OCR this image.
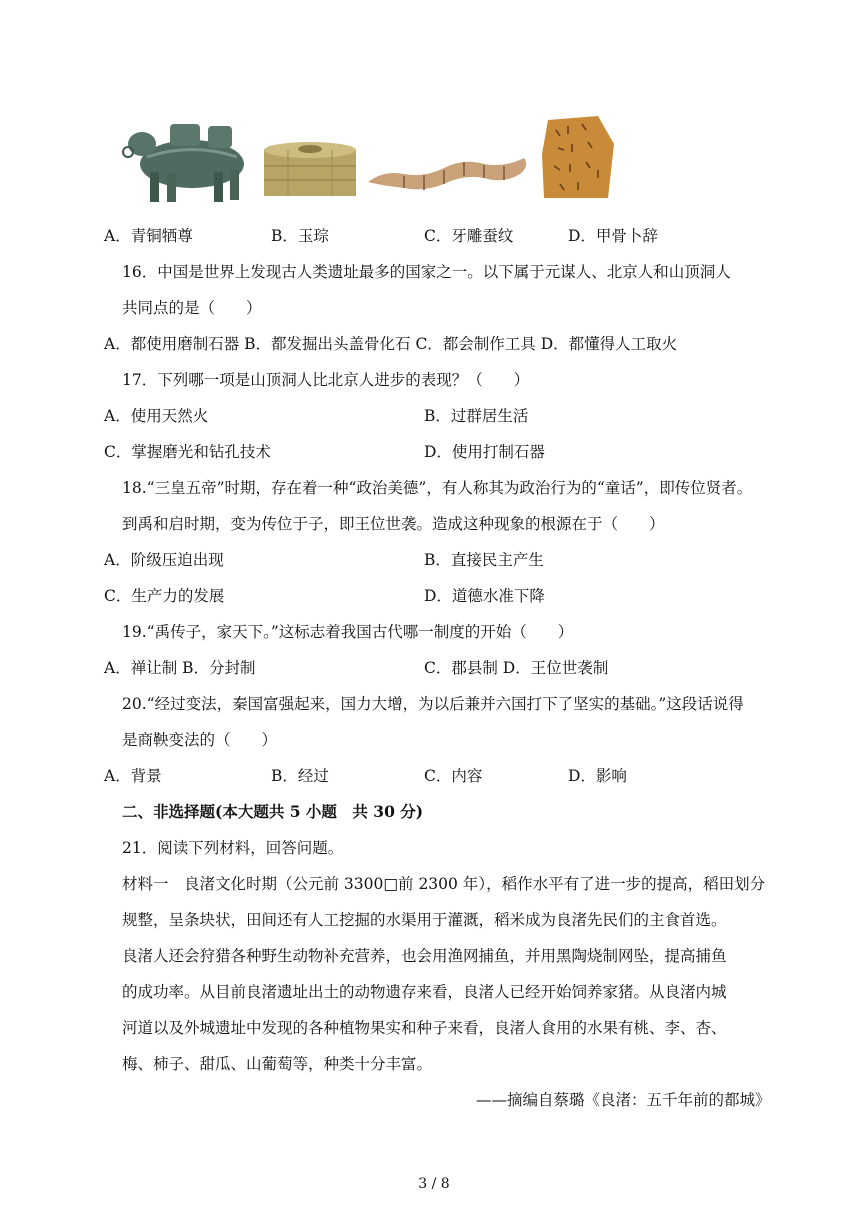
A．青铜牺尊	B．玉琮	C．牙雕蚕纹	D．甲骨卜辞
16．中国是世界上发现古人类遗址最多的国家之一。以下属于元谋人、北京人和山顶洞人
共同点的是（　　）
A．都使用磨制石器 B．都发掘出头盖骨化石 C．都会制作工具 D．都懂得人工取火
17．下列哪一项是山顶洞人比北京人进步的表现？（　　）
A．使用天然火	B．过群居生活
C．掌握磨光和钻孔技术	D．使用打制石器
18.“三皇五帝”时期，存在着一种“政治美德”，有人称其为政治行为的“童话”，即传位贤者。
到禹和启时期，变为传位于子，即王位世袭。造成这种现象的根源在于（　　）
A．阶级压迫出现	B．直接民主产生
C．生产力的发展	D．道德水准下降
19.“禹传子，家天下。”这标志着我国古代哪一制度的开始（　　）
A．禅让制 B．分封制	C．郡县制 D．王位世袭制
20.“经过变法，秦国富强起来，国力大增，为以后兼并六国打下了坚实的基础。”这段话说得
是商鞅变法的（　　）
A．背景	B．经过	C．内容	D．影响
二、非选择题(本大题共 5 小题　共 30 分)
21．阅读下列材料，回答问题。
材料一　良渚文化时期（公元前 3300□前 2300 年），稻作水平有了进一步的提高，稻田划分
规整，呈条块状，田间还有人工挖掘的水渠用于灌溉，稻米成为良渚先民们的主食首选。
良渚人还会狩猎各种野生动物补充营养，也会用渔网捕鱼，并用黑陶烧制网坠，提高捕鱼
的成功率。从目前良渚遗址出土的动物遗存来看，良渚人已经开始饲养家猪。从良渚内城
河道以及外城遗址中发现的各种植物果实和种子来看，良渚人食用的水果有桃、李、杏、
梅、柿子、甜瓜、山葡萄等，种类十分丰富。
——摘编自蔡璐《良渚：五千年前的都城》
3 / 8
